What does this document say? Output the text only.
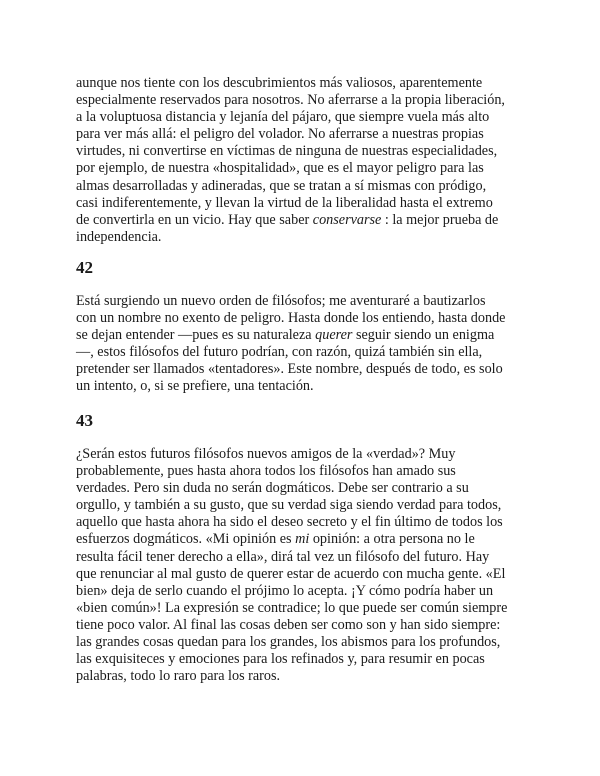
aunque nos tiente con los descubrimientos más valiosos, aparentemente
especialmente reservados para nosotros. No aferrarse a la propia liberación,
a la voluptuosa distancia y lejanía del pájaro, que siempre vuela más alto
para ver más allá: el peligro del volador. No aferrarse a nuestras propias
virtudes, ni convertirse en víctimas de ninguna de nuestras especialidades,
por ejemplo, de nuestra «hospitalidad», que es el mayor peligro para las
almas desarrolladas y adineradas, que se tratan a sí mismas con pródigo,
casi indiferentemente, y llevan la virtud de la liberalidad hasta el extremo
de convertirla en un vicio. Hay que saber conservarse : la mejor prueba de
independencia.

42

Está surgiendo un nuevo orden de filósofos; me aventuraré a bautizarlos
con un nombre no exento de peligro. Hasta donde los entiendo, hasta donde
se dejan entender —pues es su naturaleza querer seguir siendo un enigma
—, estos filósofos del futuro podrían, con razón, quizá también sin ella,
pretender ser llamados «tentadores». Este nombre, después de todo, es solo
un intento, o, si se prefiere, una tentación.

43

¿Serán estos futuros filósofos nuevos amigos de la «verdad»? Muy
probablemente, pues hasta ahora todos los filósofos han amado sus
verdades. Pero sin duda no serán dogmáticos. Debe ser contrario a su
orgullo, y también a su gusto, que su verdad siga siendo verdad para todos,
aquello que hasta ahora ha sido el deseo secreto y el fin último de todos los
esfuerzos dogmáticos. «Mi opinión es mi opinión: a otra persona no le
resulta fácil tener derecho a ella», dirá tal vez un filósofo del futuro. Hay
que renunciar al mal gusto de querer estar de acuerdo con mucha gente. «El
bien» deja de serlo cuando el prójimo lo acepta. ¡Y cómo podría haber un
«bien común»! La expresión se contradice; lo que puede ser común siempre
tiene poco valor. Al final las cosas deben ser como son y han sido siempre:
las grandes cosas quedan para los grandes, los abismos para los profundos,
las exquisiteces y emociones para los refinados y, para resumir en pocas
palabras, todo lo raro para los raros.
